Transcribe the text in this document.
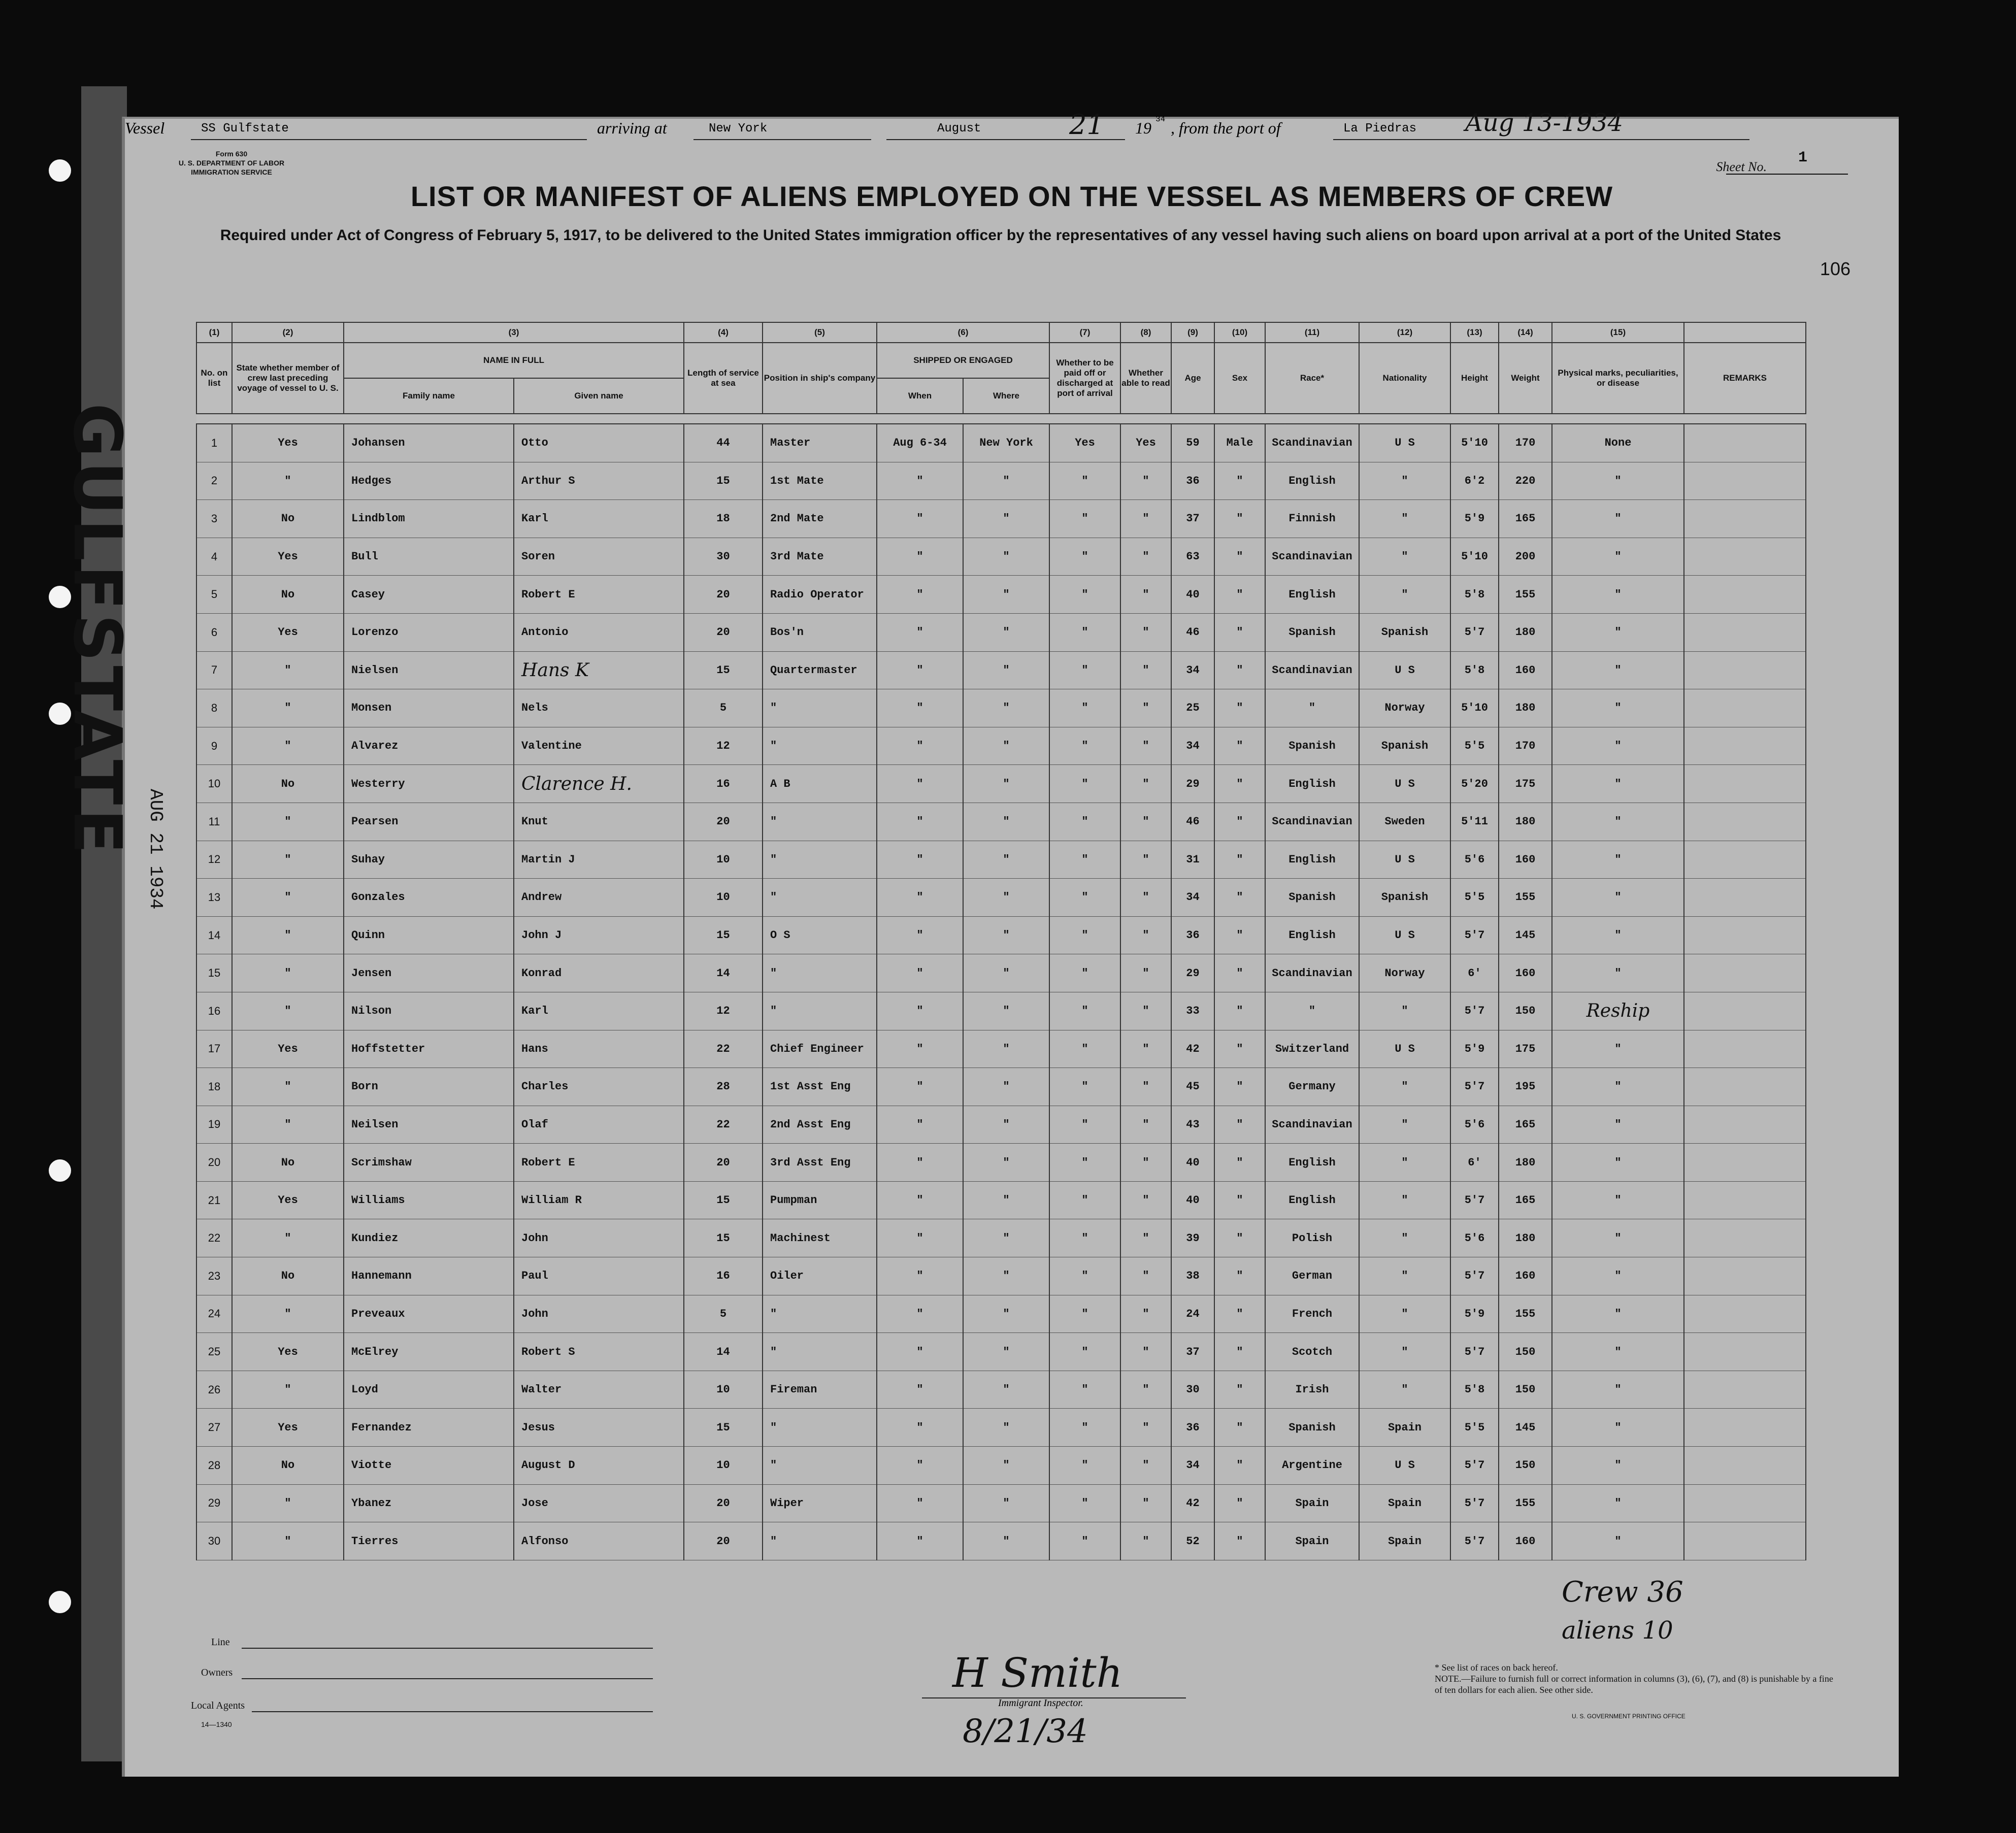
GULFSTATE AUG 21 1934
Form 630
U. S. DEPARTMENT OF LABOR
IMMIGRATION SERVICE	Sheet No.
1
LIST OR MANIFEST OF ALIENS EMPLOYED ON THE VESSEL AS MEMBERS OF CREW
Required under Act of Congress of February 5, 1917, to be delivered to the United States immigration officer by the representatives of any vessel having such aliens on board upon arrival at a port of the United States
106
Vessel	SS Gulfstate	arriving at	New York	August	21 19 34 , from the port of	La Piedras Aug 13-1934
(1)	(2)	(3)		(4)	(5)	(6)		(7)	(8)	(9)	(10)	(11)	(12)	(13)	(14)	(15)	
No. on list	State whether member of crew last preceding voyage of vessel to U. S.	NAME IN FULL		Length of service at sea	Position in ship's company	SHIPPED OR ENGAGED		Whether to be paid off or discharged at port of arrival	Whether able to read	Age	Sex	Race*	Nationality	Height	Weight	Physical marks, peculiarities, or disease	REMARKS
		Family name	Given name			When	Where										

1	Yes	Johansen	Otto	44	Master	Aug 6-34	New York	Yes	Yes	59	Male	Scandinavian	U S	5'10	170	None	
2	"	Hedges	Arthur S	15	1st Mate	"	"	"	"	36	"	English	"	6'2	220	"	
3	No	Lindblom	Karl	18	2nd Mate	"	"	"	"	37	"	Finnish	"	5'9	165	"	
4	Yes	Bull	Soren	30	3rd Mate	"	"	"	"	63	"	Scandinavian	"	5'10	200	"	
5	No	Casey	Robert E	20	Radio Operator	"	"	"	"	40	"	English	"	5'8	155	"	
6	Yes	Lorenzo	Antonio	20	Bos'n	"	"	"	"	46	"	Spanish	Spanish	5'7	180	"	
7	"	Nielsen	Hans K	15	Quartermaster	"	"	"	"	34	"	Scandinavian	U S	5'8	160	"	
8	"	Monsen	Nels	5	"	"	"	"	"	25	"	"	Norway	5'10	180	"	
9	"	Alvarez	Valentine	12	"	"	"	"	"	34	"	Spanish	Spanish	5'5	170	"	
10	No	Westerry	Clarence H.	16	A B	"	"	"	"	29	"	English	U S	5'20	175	"	
11	"	Pearsen	Knut	20	"	"	"	"	"	46	"	Scandinavian	Sweden	5'11	180	"	
12	"	Suhay	Martin J	10	"	"	"	"	"	31	"	English	U S	5'6	160	"	
13	"	Gonzales	Andrew	10	"	"	"	"	"	34	"	Spanish	Spanish	5'5	155	"	
14	"	Quinn	John J	15	O S	"	"	"	"	36	"	English	U S	5'7	145	"	
15	"	Jensen	Konrad	14	"	"	"	"	"	29	"	Scandinavian	Norway	6'	160	"	
16	"	Nilson	Karl	12	"	"	"	"	"	33	"	"	"	5'7	150	Reship	
17	Yes	Hoffstetter	Hans	22	Chief Engineer	"	"	"	"	42	"	Switzerland	U S	5'9	175	"	
18	"	Born	Charles	28	1st Asst Eng	"	"	"	"	45	"	Germany	"	5'7	195	"	
19	"	Neilsen	Olaf	22	2nd Asst Eng	"	"	"	"	43	"	Scandinavian	"	5'6	165	"	
20	No	Scrimshaw	Robert E	20	3rd Asst Eng	"	"	"	"	40	"	English	"	6'	180	"	
21	Yes	Williams	William R	15	Pumpman	"	"	"	"	40	"	English	"	5'7	165	"	
22	"	Kundiez	John	15	Machinest	"	"	"	"	39	"	Polish	"	5'6	180	"	
23	No	Hannemann	Paul	16	Oiler	"	"	"	"	38	"	German	"	5'7	160	"	
24	"	Preveaux	John	5	"	"	"	"	"	24	"	French	"	5'9	155	"	
25	Yes	McElrey	Robert S	14	"	"	"	"	"	37	"	Scotch	"	5'7	150	"	
26	"	Loyd	Walter	10	Fireman	"	"	"	"	30	"	Irish	"	5'8	150	"	
27	Yes	Fernandez	Jesus	15	"	"	"	"	"	36	"	Spanish	Spain	5'5	145	"	
28	No	Viotte	August D	10	"	"	"	"	"	34	"	Argentine	U S	5'7	150	"	
29	"	Ybanez	Jose	20	Wiper	"	"	"	"	42	"	Spain	Spain	5'7	155	"	
30	"	Tierres	Alfonso	20	"	"	"	"	"	52	"	Spain	Spain	5'7	160	"	
Crew 36
aliens 10
Line
Owners
Local Agents
14—1340
H Smith
Immigrant Inspector.
8/21/34
* See list of races on back hereof.
NOTE.—Failure to furnish full or correct information in columns (3), (6), (7), and (8) is punishable by a fine of ten dollars for each alien. See other side.
U. S. GOVERNMENT PRINTING OFFICE
